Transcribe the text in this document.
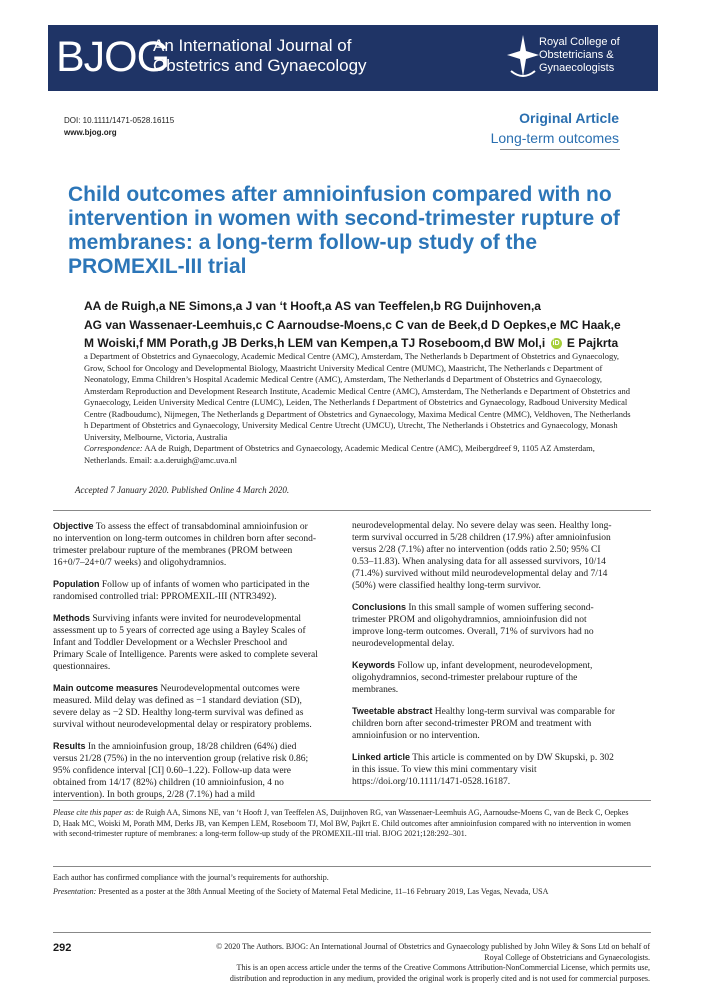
BJOG
An International Journal of
Obstetrics and Gynaecology
Royal College of
Obstetricians &
Gynaecologists
DOI: 10.1111/1471-0528.16115
www.bjog.org
Original Article
Long-term outcomes
Child outcomes after amnioinfusion compared with no intervention in women with second-trimester rupture of membranes: a long-term follow-up study of the PROMEXIL-III trial
AA de Ruigh,a NE Simons,a J van ‘t Hooft,a AS van Teeffelen,b RG Duijnhoven,a
AG van Wassenaer-Leemhuis,c C Aarnoudse-Moens,c C van de Beek,d D Oepkes,e MC Haak,e
M Woiski,f MM Porath,g JB Derks,h LEM van Kempen,a TJ Roseboom,d BW Mol,i iD E Pajkrta
a Department of Obstetrics and Gynaecology, Academic Medical Centre (AMC), Amsterdam, The Netherlands b Department of Obstetrics and Gynaecology, Grow, School for Oncology and Developmental Biology, Maastricht University Medical Centre (MUMC), Maastricht, The Netherlands c Department of Neonatology, Emma Children’s Hospital Academic Medical Centre (AMC), Amsterdam, The Netherlands d Department of Obstetrics and Gynaecology, Amsterdam Reproduction and Development Research Institute, Academic Medical Centre (AMC), Amsterdam, The Netherlands e Department of Obstetrics and Gynaecology, Leiden University Medical Centre (LUMC), Leiden, The Netherlands f Department of Obstetrics and Gynaecology, Radboud University Medical Centre (Radboudumc), Nijmegen, The Netherlands g Department of Obstetrics and Gynaecology, Maxima Medical Centre (MMC), Veldhoven, The Netherlands h Department of Obstetrics and Gynaecology, University Medical Centre Utrecht (UMCU), Utrecht, The Netherlands i Obstetrics and Gynaecology, Monash University, Melbourne, Victoria, Australia
Correspondence: AA de Ruigh, Department of Obstetrics and Gynaecology, Academic Medical Centre (AMC), Meibergdreef 9, 1105 AZ Amsterdam, Netherlands. Email: a.a.deruigh@amc.uva.nl
Accepted 7 January 2020. Published Online 4 March 2020.

Objective To assess the effect of transabdominal amnioinfusion or no intervention on long-term outcomes in children born after second-trimester prelabour rupture of the membranes (PROM between 16+0/7–24+0/7 weeks) and oligohydramnios.

Population Follow up of infants of women who participated in the randomised controlled trial: PPROMEXIL-III (NTR3492).

Methods Surviving infants were invited for neurodevelopmental assessment up to 5 years of corrected age using a Bayley Scales of Infant and Toddler Development or a Wechsler Preschool and Primary Scale of Intelligence. Parents were asked to complete several questionnaires.

Main outcome measures Neurodevelopmental outcomes were measured. Mild delay was defined as −1 standard deviation (SD), severe delay as −2 SD. Healthy long-term survival was defined as survival without neurodevelopmental delay or respiratory problems.

Results In the amnioinfusion group, 18/28 children (64%) died versus 21/28 (75%) in the no intervention group (relative risk 0.86; 95% confidence interval [CI] 0.60–1.22). Follow-up data were obtained from 14/17 (82%) children (10 amnioinfusion, 4 no intervention). In both groups, 2/28 (7.1%) had a mild

neurodevelopmental delay. No severe delay was seen. Healthy long-term survival occurred in 5/28 children (17.9%) after amnioinfusion versus 2/28 (7.1%) after no intervention (odds ratio 2.50; 95% CI 0.53–11.83). When analysing data for all assessed survivors, 10/14 (71.4%) survived without mild neurodevelopmental delay and 7/14 (50%) were classified healthy long-term survivor.

Conclusions In this small sample of women suffering second-trimester PROM and oligohydramnios, amnioinfusion did not improve long-term outcomes. Overall, 71% of survivors had no neurodevelopmental delay.

Keywords Follow up, infant development, neurodevelopment, oligohydramnios, second-trimester prelabour rupture of the membranes.

Tweetable abstract Healthy long-term survival was comparable for children born after second-trimester PROM and treatment with amnioinfusion or no intervention.

Linked article This article is commented on by DW Skupski, p. 302 in this issue. To view this mini commentary visit https://doi.org/10.1111/1471-0528.16187.

Please cite this paper as: de Ruigh AA, Simons NE, van ‘t Hooft J, van Teeffelen AS, Duijnhoven RG, van Wassenaer-Leemhuis AG, Aarnoudse-Moens C, van de Beck C, Oepkes D, Haak MC, Woiski M, Porath MM, Derks JB, van Kempen LEM, Roseboom TJ, Mol BW, Pajkrt E. Child outcomes after amnioinfusion compared with no intervention in women with second-trimester rupture of membranes: a long-term follow-up study of the PROMEXIL-III trial. BJOG 2021;128:292–301.
Each author has confirmed compliance with the journal’s requirements for authorship.
Presentation: Presented as a poster at the 38th Annual Meeting of the Society of Maternal Fetal Medicine, 11–16 February 2019, Las Vegas, Nevada, USA
292	© 2020 The Authors. BJOG: An International Journal of Obstetrics and Gynaecology published by John Wiley & Sons Ltd on behalf of
Royal College of Obstetricians and Gynaecologists.
This is an open access article under the terms of the Creative Commons Attribution-NonCommercial License, which permits use,
distribution and reproduction in any medium, provided the original work is properly cited and is not used for commercial purposes.
